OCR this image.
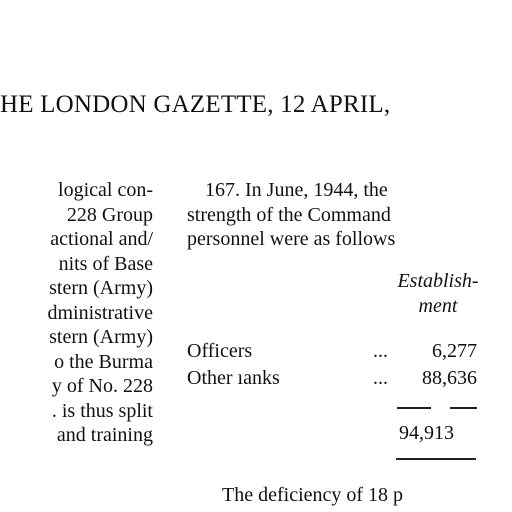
HE LONDON GAZETTE, 12 APRIL,
logical con-
228 Group
actional and/
nits of Base
stern (Army)
dministrative
stern (Army)
o the Burma
y of No. 228
. is thus split
and training
167. In June, 1944, the
strength of the Command
personnel were as follows
Establish-
ment
Officers	... 6,277
Other ıanks	... 88,636
94,913
The deficiency of 18 p
